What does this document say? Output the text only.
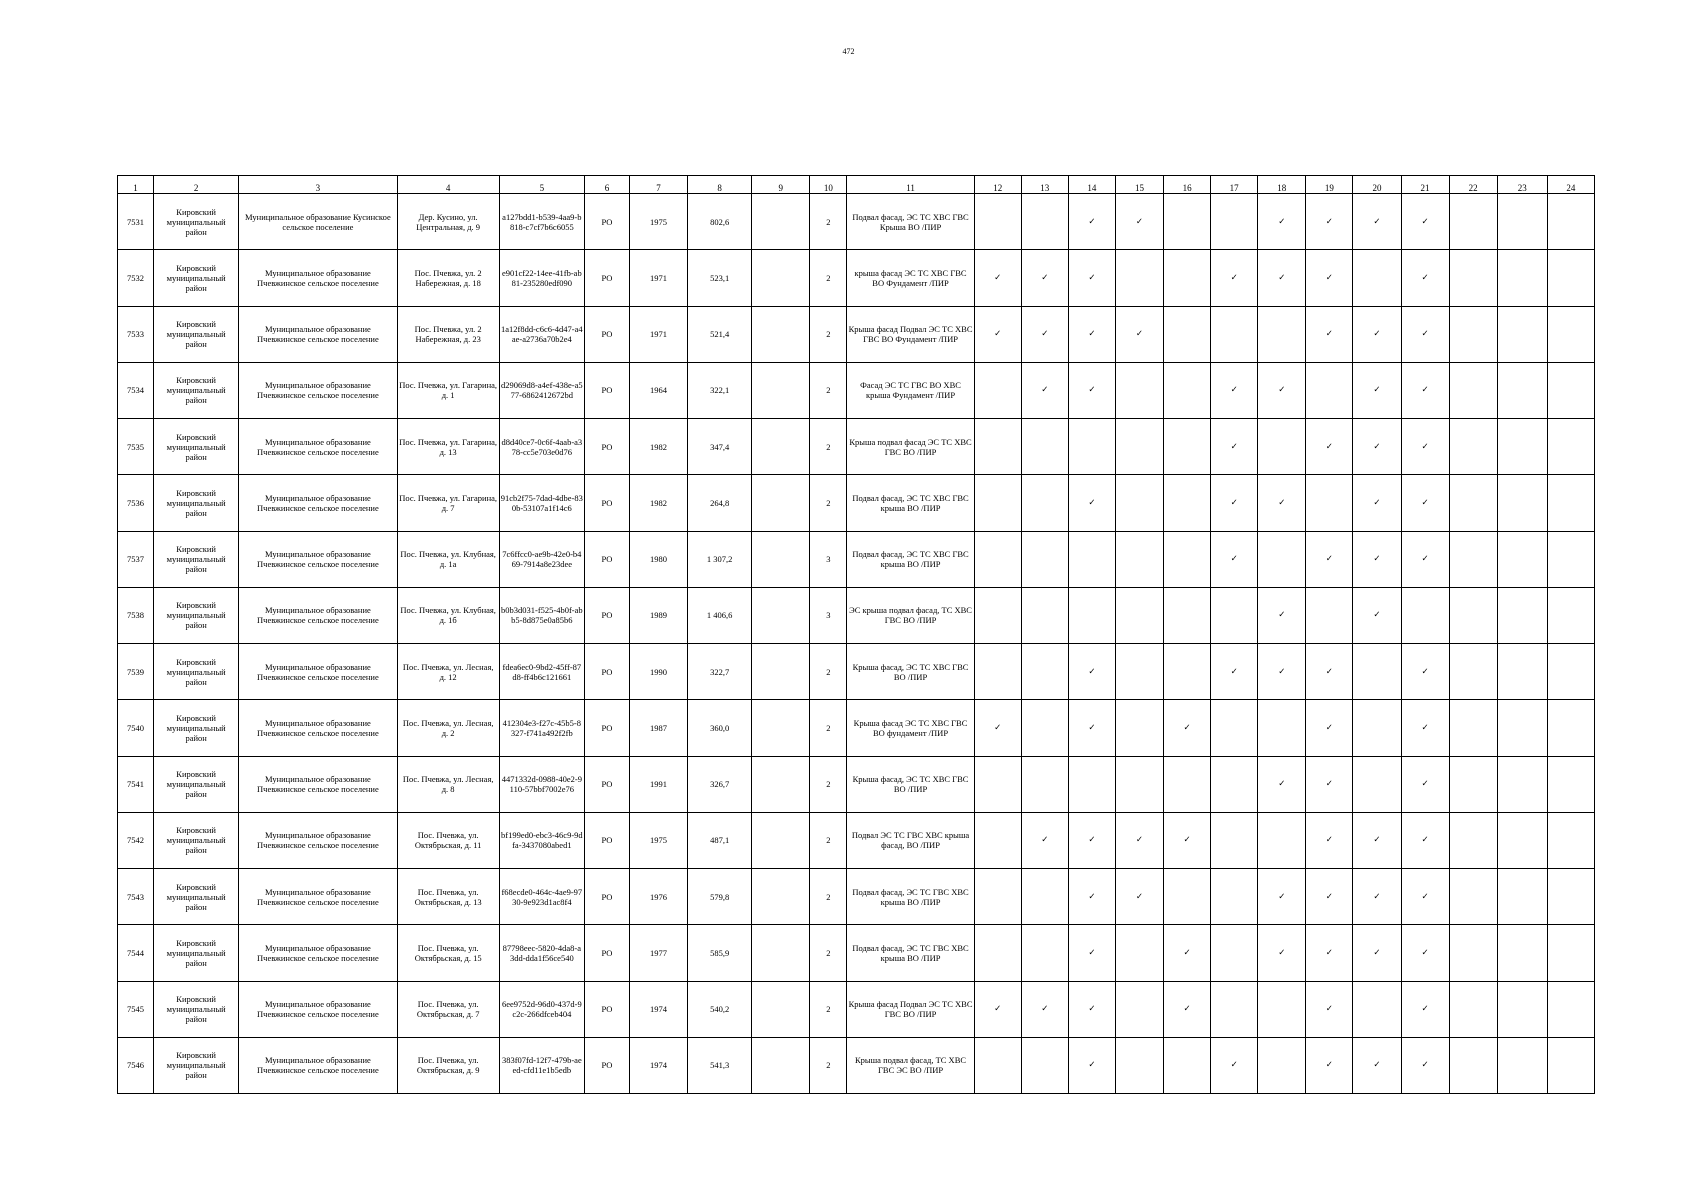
472
1	2	3	4	5	6	7	8	9	10	11	12	13	14	15	16	17	18	19	20	21	22	23	24
7531	Кировский муниципальный район	Муниципальное образование Кусинское сельское поселение	Дер. Кусино, ул. Центральная, д. 9	a127bdd1-b539-4aa9-b818-c7cf7b6c6055	РО	1975	802,6		2	Подвал фасад, ЭС ТС ХВС ГВС Крыша ВО /ПИР			✓	✓			✓	✓	✓	✓			
7532	Кировский муниципальный район	Муниципальное образование Пчевжинское сельское поселение	Пос. Пчевжа, ул. 2 Набережная, д. 18	e901cf22-14ee-41fb-ab81-235280edf090	РО	1971	523,1		2	крыша фасад ЭС ТС ХВС ГВС ВО Фундамент /ПИР	✓	✓	✓			✓	✓	✓		✓			
7533	Кировский муниципальный район	Муниципальное образование Пчевжинское сельское поселение	Пос. Пчевжа, ул. 2 Набережная, д. 23	1a12f8dd-c6c6-4d47-a4ae-a2736a70b2e4	РО	1971	521,4		2	Крыша фасад Подвал ЭС ТС ХВС ГВС ВО Фундамент /ПИР	✓	✓	✓	✓				✓	✓	✓			
7534	Кировский муниципальный район	Муниципальное образование Пчевжинское сельское поселение	Пос. Пчевжа, ул. Гагарина, д. 1	d29069d8-a4ef-438e-a577-6862412672bd	РО	1964	322,1		2	Фасад ЭС ТС ГВС ВО ХВС крыша Фундамент /ПИР		✓	✓			✓	✓		✓	✓			
7535	Кировский муниципальный район	Муниципальное образование Пчевжинское сельское поселение	Пос. Пчевжа, ул. Гагарина, д. 13	d8d40ce7-0c6f-4aab-a378-cc5e703e0d76	РО	1982	347,4		2	Крыша подвал фасад ЭС ТС ХВС ГВС ВО /ПИР						✓		✓	✓	✓			
7536	Кировский муниципальный район	Муниципальное образование Пчевжинское сельское поселение	Пос. Пчевжа, ул. Гагарина, д. 7	91cb2f75-7dad-4dbe-830b-53107a1f14c6	РО	1982	264,8		2	Подвал фасад, ЭС ТС ХВС ГВС крыша ВО /ПИР			✓			✓	✓		✓	✓			
7537	Кировский муниципальный район	Муниципальное образование Пчевжинское сельское поселение	Пос. Пчевжа, ул. Клубная, д. 1а	7c6ffcc0-ae9b-42e0-b469-7914a8e23dee	РО	1980	1 307,2		3	Подвал фасад, ЭС ТС ХВС ГВС крыша ВО /ПИР						✓		✓	✓	✓			
7538	Кировский муниципальный район	Муниципальное образование Пчевжинское сельское поселение	Пос. Пчевжа, ул. Клубная, д. 1б	b0b3d031-f525-4b0f-abb5-8d875e0a85b6	РО	1989	1 406,6		3	ЭС крыша подвал фасад, ТС ХВС ГВС ВО /ПИР							✓		✓				
7539	Кировский муниципальный район	Муниципальное образование Пчевжинское сельское поселение	Пос. Пчевжа, ул. Лесная, д. 12	fdea6ec0-9bd2-45ff-87d8-ff4b6c121661	РО	1990	322,7		2	Крыша фасад, ЭС ТС ХВС ГВС ВО /ПИР			✓			✓	✓	✓		✓			
7540	Кировский муниципальный район	Муниципальное образование Пчевжинское сельское поселение	Пос. Пчевжа, ул. Лесная, д. 2	412304e3-f27c-45b5-8327-f741a492f2fb	РО	1987	360,0		2	Крыша фасад ЭС ТС ХВС ГВС ВО фундамент /ПИР	✓		✓		✓			✓		✓			
7541	Кировский муниципальный район	Муниципальное образование Пчевжинское сельское поселение	Пос. Пчевжа, ул. Лесная, д. 8	4471332d-0988-40e2-9110-57bbf7002e76	РО	1991	326,7		2	Крыша фасад, ЭС ТС ХВС ГВС ВО /ПИР							✓	✓		✓			
7542	Кировский муниципальный район	Муниципальное образование Пчевжинское сельское поселение	Пос. Пчевжа, ул. Октябрьская, д. 11	bf199ed0-ebc3-46c9-9dfa-3437080abed1	РО	1975	487,1		2	Подвал ЭС ТС ГВС ХВС крыша фасад, ВО /ПИР		✓	✓	✓	✓			✓	✓	✓			
7543	Кировский муниципальный район	Муниципальное образование Пчевжинское сельское поселение	Пос. Пчевжа, ул. Октябрьская, д. 13	f68ecde0-464c-4ae9-9730-9e923d1ac8f4	РО	1976	579,8		2	Подвал фасад, ЭС ТС ГВС ХВС крыша ВО /ПИР			✓	✓			✓	✓	✓	✓			
7544	Кировский муниципальный район	Муниципальное образование Пчевжинское сельское поселение	Пос. Пчевжа, ул. Октябрьская, д. 15	87798eec-5820-4da8-a3dd-dda1f56ce540	РО	1977	585,9		2	Подвал фасад, ЭС ТС ГВС ХВС крыша ВО /ПИР			✓		✓		✓	✓	✓	✓			
7545	Кировский муниципальный район	Муниципальное образование Пчевжинское сельское поселение	Пос. Пчевжа, ул. Октябрьская, д. 7	6ee9752d-96d0-437d-9c2c-266dfceb404	РО	1974	540,2		2	Крыша фасад Подвал ЭС ТС ХВС ГВС ВО /ПИР	✓	✓	✓		✓			✓		✓			
7546	Кировский муниципальный район	Муниципальное образование Пчевжинское сельское поселение	Пос. Пчевжа, ул. Октябрьская, д. 9	383f07fd-12f7-479b-aeed-cfd11e1b5edb	РО	1974	541,3		2	Крыша подвал фасад, ТС ХВС ГВС ЭС ВО /ПИР			✓			✓		✓	✓	✓			
